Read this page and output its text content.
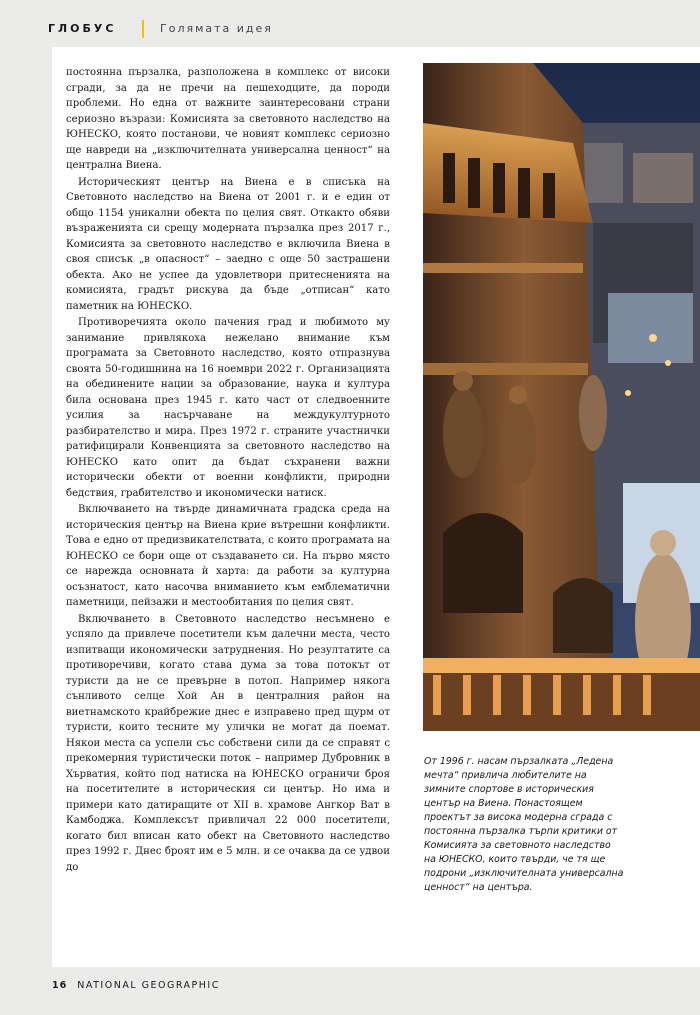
ГЛОБУС	Голямата идея

постоянна пързалка, разположена в комплекс от високи сгради, за да не пречи на пешеходците, да породи проблеми. Но една от важните заинтересовани страни сериозно възрази: Комисията за световното наследство на ЮНЕСКО, която постанови, че новият комплекс сериозно ще навреди на „изключителната универсална ценност“ на централна Виена.

Историческият център на Виена е в списъка на Световното наследство на Виена от 2001 г. и е един от общо 1154 уникални обекта по целия свят. Откакто обяви възраженията си срещу модерната пързалка през 2017 г., Комисията за световното наследство е включила Виена в своя списък „в опасност“ – заедно с още 50 застрашени обекта. Ако не успее да удовлетвори притесненията на комисията, градът рискува да бъде „отписан“ като паметник на ЮНЕСКО.

Противоречията около пачения град и любимото му занимание привлякоха нежелано внимание към програмата за Световното наследство, която отпразнува своята 50-годишнина на 16 ноември 2022 г. Организацията на обединените нации за образование, наука и култура била основана през 1945 г. като част от следвоенните усилия за насърчаване на междукултурното разбирателство и мира. През 1972 г. страните участнички ратифицирали Конвенцията за световното наследство на ЮНЕСКО като опит да бъдат съхранени важни исторически обекти от военни конфликти, природни бедствия, грабителство и икономически натиск.

Включването на твърде динамичната градска среда на историческия център на Виена крие вътрешни конфликти. Това е едно от предизвикателствата, с които програмата на ЮНЕСКО се бори още от създаването си. На първо място се нарежда основната ѝ харта: да работи за културна осъзнатост, като насочва вниманието към емблематични паметници, пейзажи и местообитания по целия свят.

Включването в Световното наследство несъмнено е успяло да привлече посетители към далечни места, често изпитващи икономически затруднения. Но резултатите са противоречиви, когато става дума за това потокът от туристи да не се превърне в потоп. Например някога сънливото селце Хой Ан в централния район на виетнамското крайбрежие днес е изправено пред щурм от туристи, които тесните му улички не могат да поемат. Някои места са успели със собствени сили да се справят с прекомерния туристически поток – например Дубровник в Хърватия, който под натиска на ЮНЕСКО ограничи броя на посетителите в историческия си център. Но има и примери като датиращите от XII в. храмове Ангкор Ват в Камбоджа. Комплексът привличал 22 000 посетители, когато бил вписан като обект на Световното наследство през 1992 г. Днес броят им е 5 млн. и се очаква да се удвои до

От 1996 г. насам пързалката „Ледена мечта“ привлича любителите на зимните спортове в историческия център на Виена. Понастоящем проектът за висока модерна сграда с постоянна пързалка търпи критики от Комисията за световното наследство на ЮНЕСКО, които твърди, че тя ще подрони „изключителната универсална ценност“ на центъра.
16 NATIONAL GEOGRAPHIC
